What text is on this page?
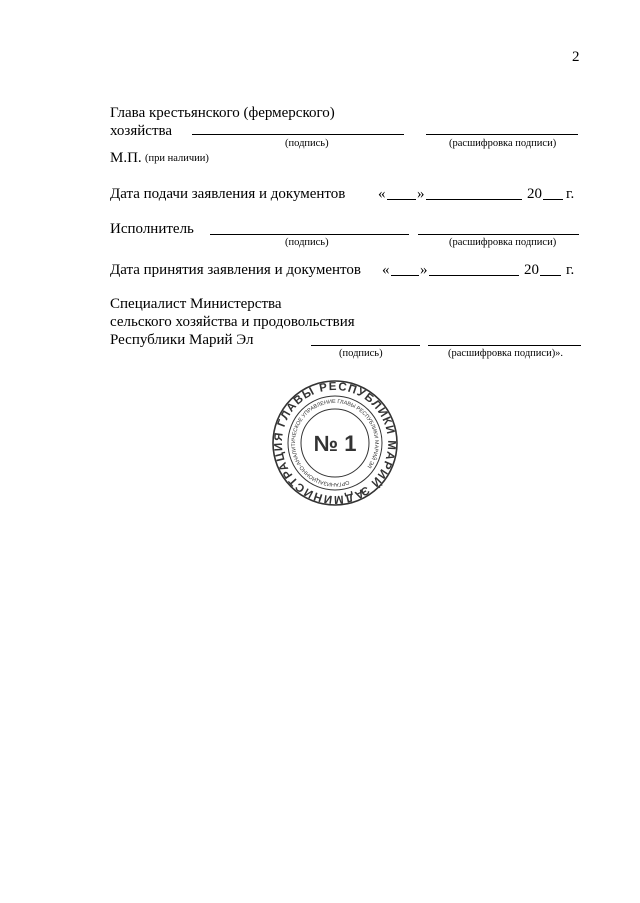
2
Глава крестьянского (фермерского)
хозяйства
(подпись)	(расшифровка подписи)
М.П. (при наличии)
Дата подачи заявления и документов « »	20 г.
Исполнитель
(подпись)	(расшифровка подписи)
Дата принятия заявления и документов « »	20 г.
Специалист Министерства
сельского хозяйства и продовольствия
Республики Марий Эл
(подпись)	(расшифровка подписи)».
АДМИНИСТРАЦИЯ ГЛАВЫ РЕСПУБЛИКИ МАРИЙ ЭЛ
ОРГАНИЗАЦИОННО-АНАЛИТИЧЕСКОЕ УПРАВЛЕНИЕ ГЛАВЫ РЕСПУБЛИКИ МАРИЙ ЭЛ
№ 1
